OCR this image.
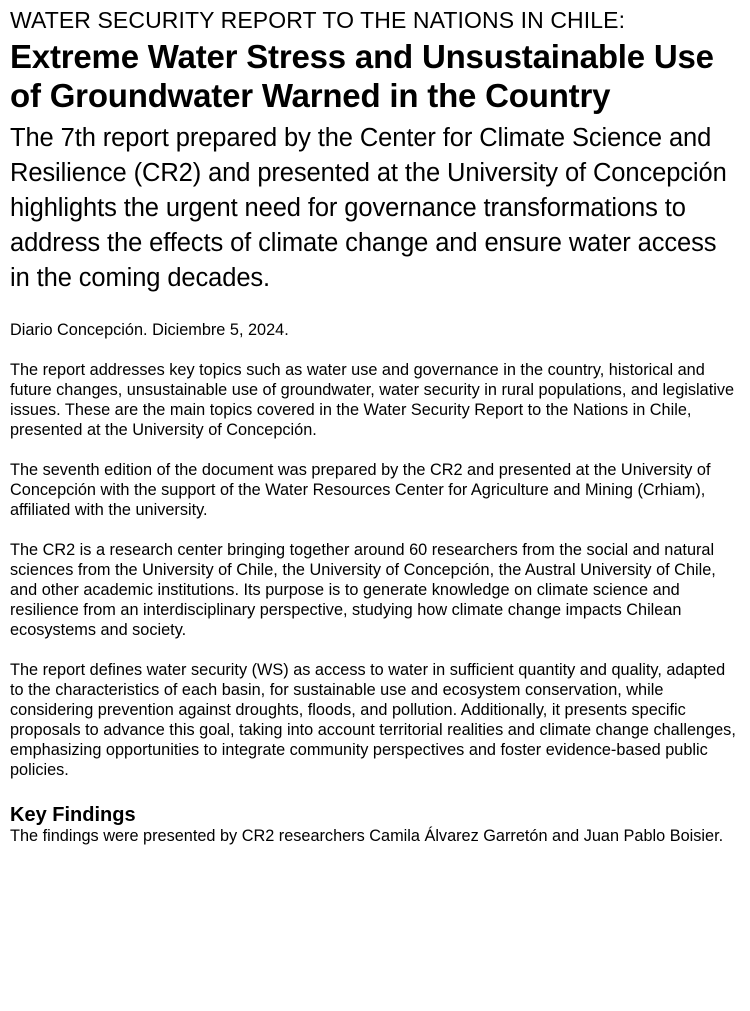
WATER SECURITY REPORT TO THE NATIONS IN CHILE:
Extreme Water Stress and Unsustainable Use of Groundwater Warned in the Country

The 7th report prepared by the Center for Climate Science and Resilience (CR2) and presented at the University of Concepción highlights the urgent need for governance transformations to address the effects of climate change and ensure water access in the coming decades.

Diario Concepción. Diciembre 5, 2024.

The report addresses key topics such as water use and governance in the country, historical and future changes, unsustainable use of groundwater, water security in rural populations, and legislative issues. These are the main topics covered in the Water Security Report to the Nations in Chile, presented at the University of Concepción.

The seventh edition of the document was prepared by the CR2 and presented at the University of Concepción with the support of the Water Resources Center for Agriculture and Mining (Crhiam), affiliated with the university.

The CR2 is a research center bringing together around 60 researchers from the social and natural sciences from the University of Chile, the University of Concepción, the Austral University of Chile, and other academic institutions. Its purpose is to generate knowledge on climate science and resilience from an interdisciplinary perspective, studying how climate change impacts Chilean ecosystems and society.

The report defines water security (WS) as access to water in sufficient quantity and quality, adapted to the characteristics of each basin, for sustainable use and ecosystem conservation, while considering prevention against droughts, floods, and pollution. Additionally, it presents specific proposals to advance this goal, taking into account territorial realities and climate change challenges, emphasizing opportunities to integrate community perspectives and foster evidence-based public policies.

Key Findings

The findings were presented by CR2 researchers Camila Álvarez Garretón and Juan Pablo Boisier.
